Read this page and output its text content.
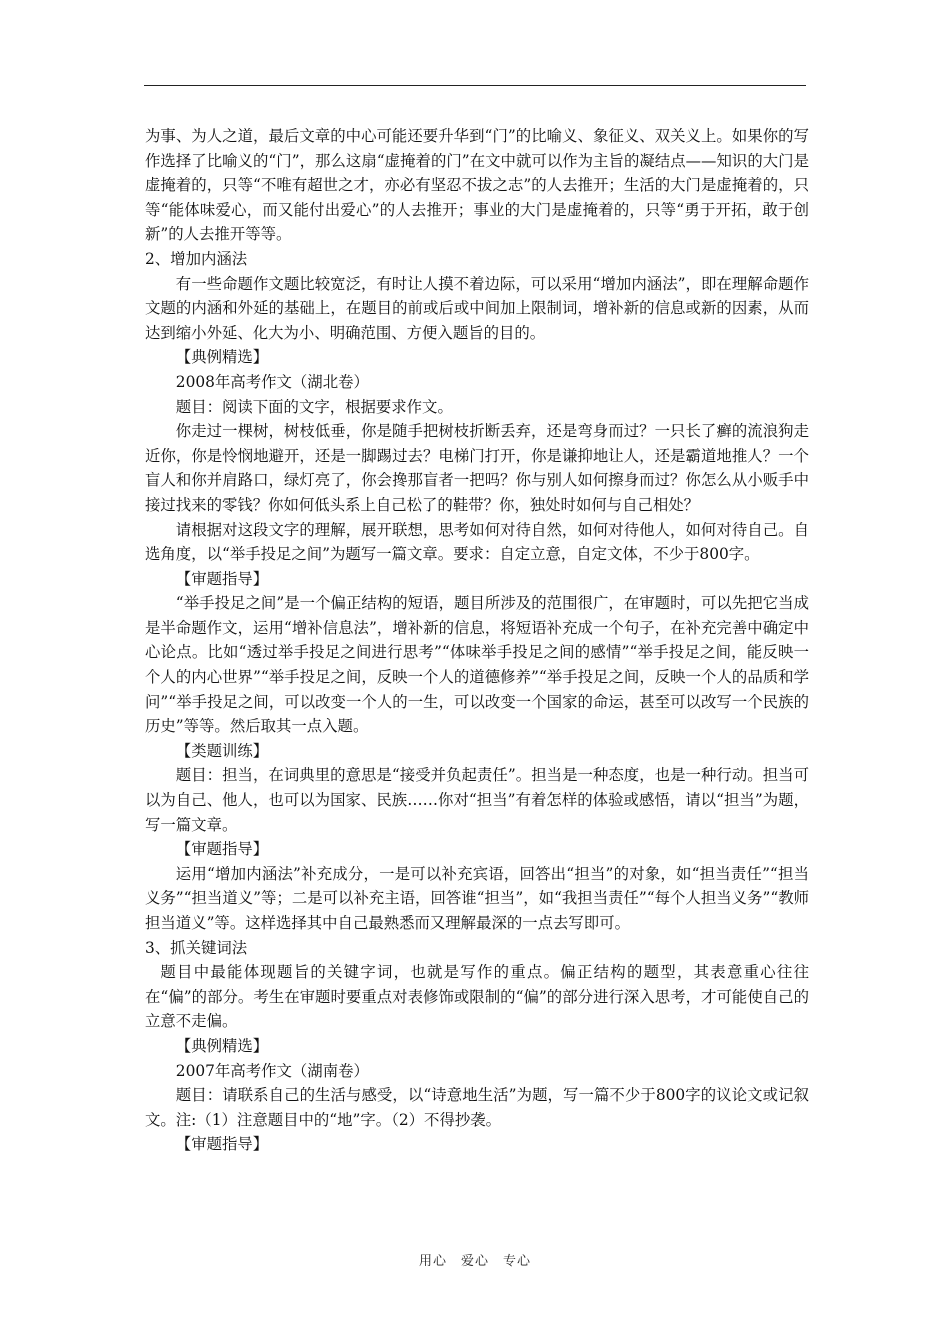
为事、为人之道，最后文章的中心可能还要升华到“门”的比喻义、象征义、双关义上。如果你的写作选择了比喻义的“门”，那么这扇“虚掩着的门”在文中就可以作为主旨的凝结点——知识的大门是虚掩着的，只等“不唯有超世之才，亦必有坚忍不拔之志”的人去推开；生活的大门是虚掩着的，只等“能体味爱心，而又能付出爱心”的人去推开；事业的大门是虚掩着的，只等“勇于开拓，敢于创新”的人去推开等等。

2、增加内涵法

有一些命题作文题比较宽泛，有时让人摸不着边际，可以采用“增加内涵法”，即在理解命题作文题的内涵和外延的基础上，在题目的前或后或中间加上限制词，增补新的信息或新的因素，从而达到缩小外延、化大为小、明确范围、方便入题旨的目的。

【典例精选】

2008年高考作文（湖北卷）

题目：阅读下面的文字，根据要求作文。

你走过一棵树，树枝低垂，你是随手把树枝折断丢弃，还是弯身而过？一只长了癣的流浪狗走近你，你是怜悯地避开，还是一脚踢过去？电梯门打开，你是谦抑地让人，还是霸道地推人？一个盲人和你并肩路口，绿灯亮了，你会搀那盲者一把吗？你与别人如何擦身而过？你怎么从小贩手中接过找来的零钱？你如何低头系上自己松了的鞋带？你，独处时如何与自己相处？

请根据对这段文字的理解，展开联想，思考如何对待自然，如何对待他人，如何对待自己。自选角度，以“举手投足之间”为题写一篇文章。要求：自定立意，自定文体，不少于800字。

【审题指导】

“举手投足之间”是一个偏正结构的短语，题目所涉及的范围很广，在审题时，可以先把它当成是半命题作文，运用“增补信息法”，增补新的信息，将短语补充成一个句子，在补充完善中确定中心论点。比如“透过举手投足之间进行思考”“体味举手投足之间的感情”“举手投足之间，能反映一个人的内心世界”“举手投足之间，反映一个人的道德修养”“举手投足之间，反映一个人的品质和学问”“举手投足之间，可以改变一个人的一生，可以改变一个国家的命运，甚至可以改写一个民族的历史”等等。然后取其一点入题。

【类题训练】

题目：担当，在词典里的意思是“接受并负起责任”。担当是一种态度，也是一种行动。担当可以为自己、他人，也可以为国家、民族……你对“担当”有着怎样的体验或感悟，请以“担当”为题，写一篇文章。

【审题指导】

运用“增加内涵法”补充成分，一是可以补充宾语，回答出“担当”的对象，如“担当责任”“担当义务”“担当道义”等；二是可以补充主语，回答谁“担当”，如“我担当责任”“每个人担当义务”“教师担当道义”等。这样选择其中自己最熟悉而又理解最深的一点去写即可。

3、抓关键词法

题目中最能体现题旨的关键字词，也就是写作的重点。偏正结构的题型，其表意重心往往在“偏”的部分。考生在审题时要重点对表修饰或限制的“偏”的部分进行深入思考，才可能使自己的立意不走偏。

【典例精选】

2007年高考作文（湖南卷）

题目：请联系自己的生活与感受，以“诗意地生活”为题，写一篇不少于800字的议论文或记叙文。注:（1）注意题目中的“地”字。（2）不得抄袭。

【审题指导】

用心　爱心　专心
